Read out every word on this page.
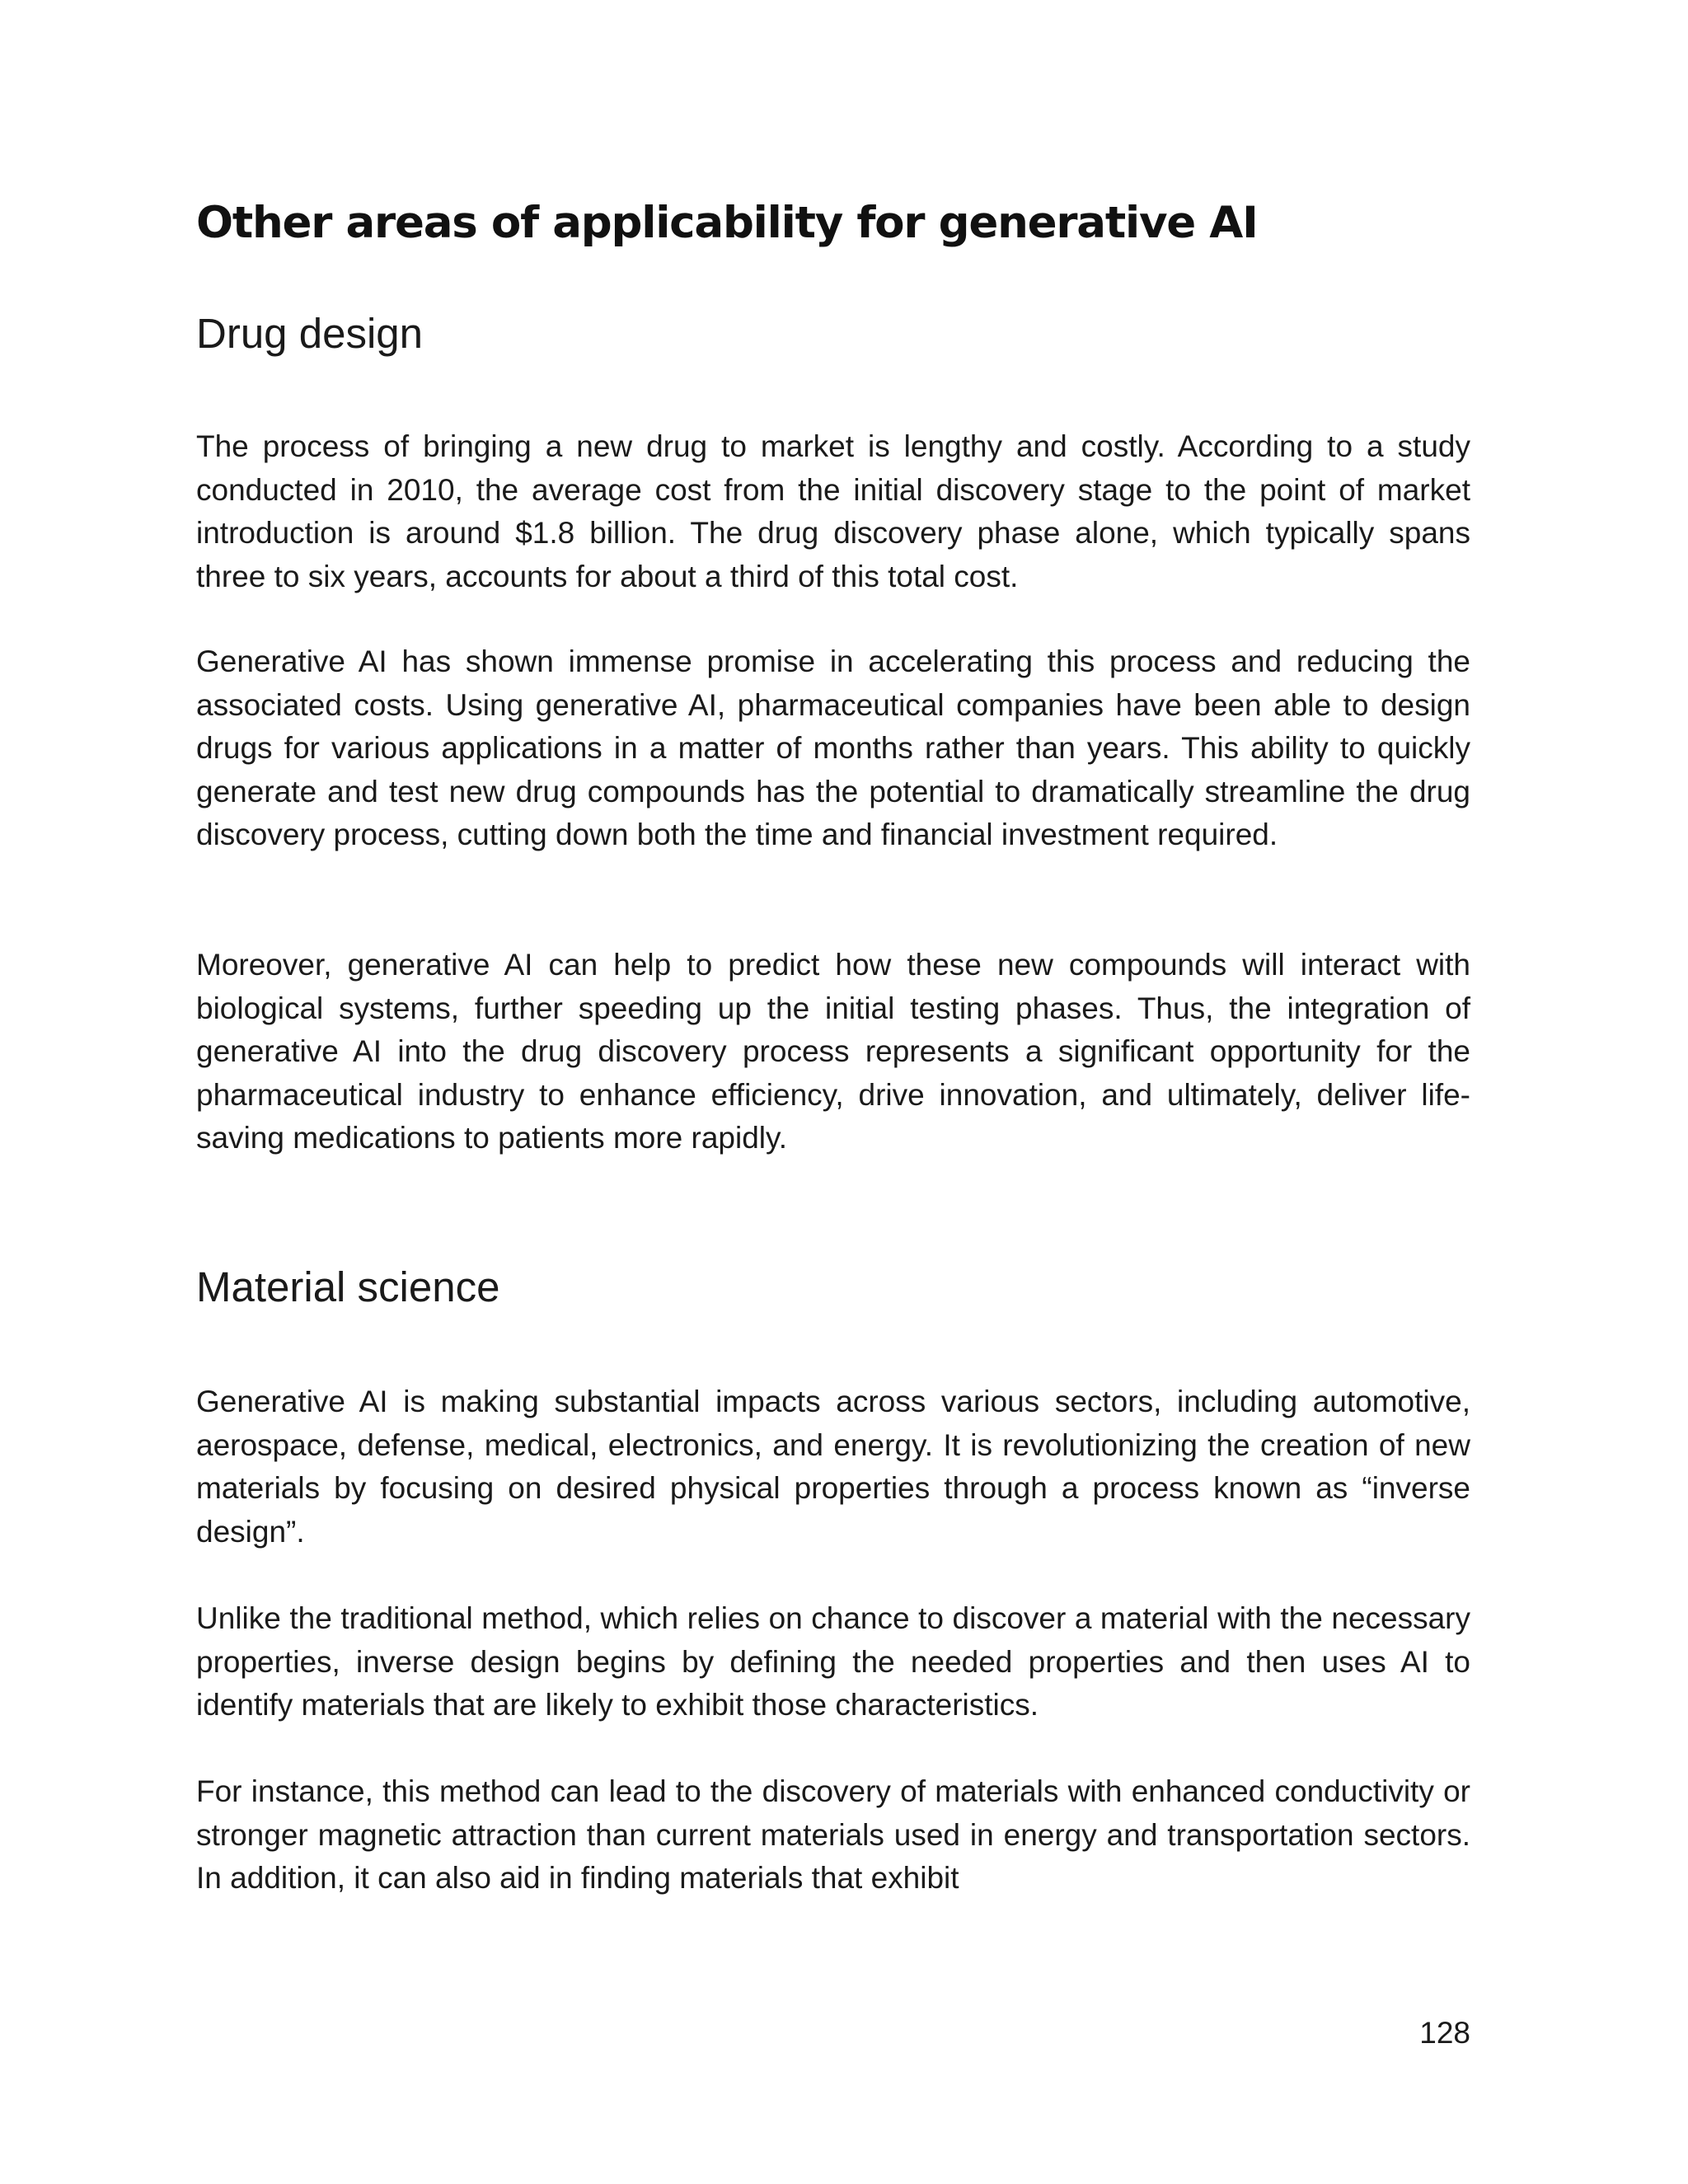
Other areas of applicability for generative AI
Drug design

The process of bringing a new drug to market is lengthy and costly. According to a study conducted in 2010, the average cost from the initial discovery stage to the point of market introduction is around $1.8 billion. The drug discovery phase alone, which typically spans three to six years, accounts for about a third of this total cost.

Generative AI has shown immense promise in accelerating this process and reducing the associated costs. Using generative AI, pharmaceutical companies have been able to design drugs for various applications in a matter of months rather than years. This ability to quickly generate and test new drug compounds has the potential to dramatically streamline the drug discovery process, cutting down both the time and financial investment required.

Moreover, generative AI can help to predict how these new compounds will interact with biological systems, further speeding up the initial testing phases. Thus, the integration of generative AI into the drug discovery process represents a significant opportunity for the pharmaceutical industry to enhance efficiency, drive innovation, and ultimately, deliver life-saving medications to patients more rapidly.

Material science

Generative AI is making substantial impacts across various sectors, including automotive, aerospace, defense, medical, electronics, and energy. It is revolutionizing the creation of new materials by focusing on desired physical properties through a process known as “inverse design”.

Unlike the traditional method, which relies on chance to discover a material with the necessary properties, inverse design begins by defining the needed properties and then uses AI to identify materials that are likely to exhibit those characteristics.

For instance, this method can lead to the discovery of materials with enhanced conductivity or stronger magnetic attraction than current materials used in energy and transportation sectors. In addition, it can also aid in finding materials that exhibit

128
